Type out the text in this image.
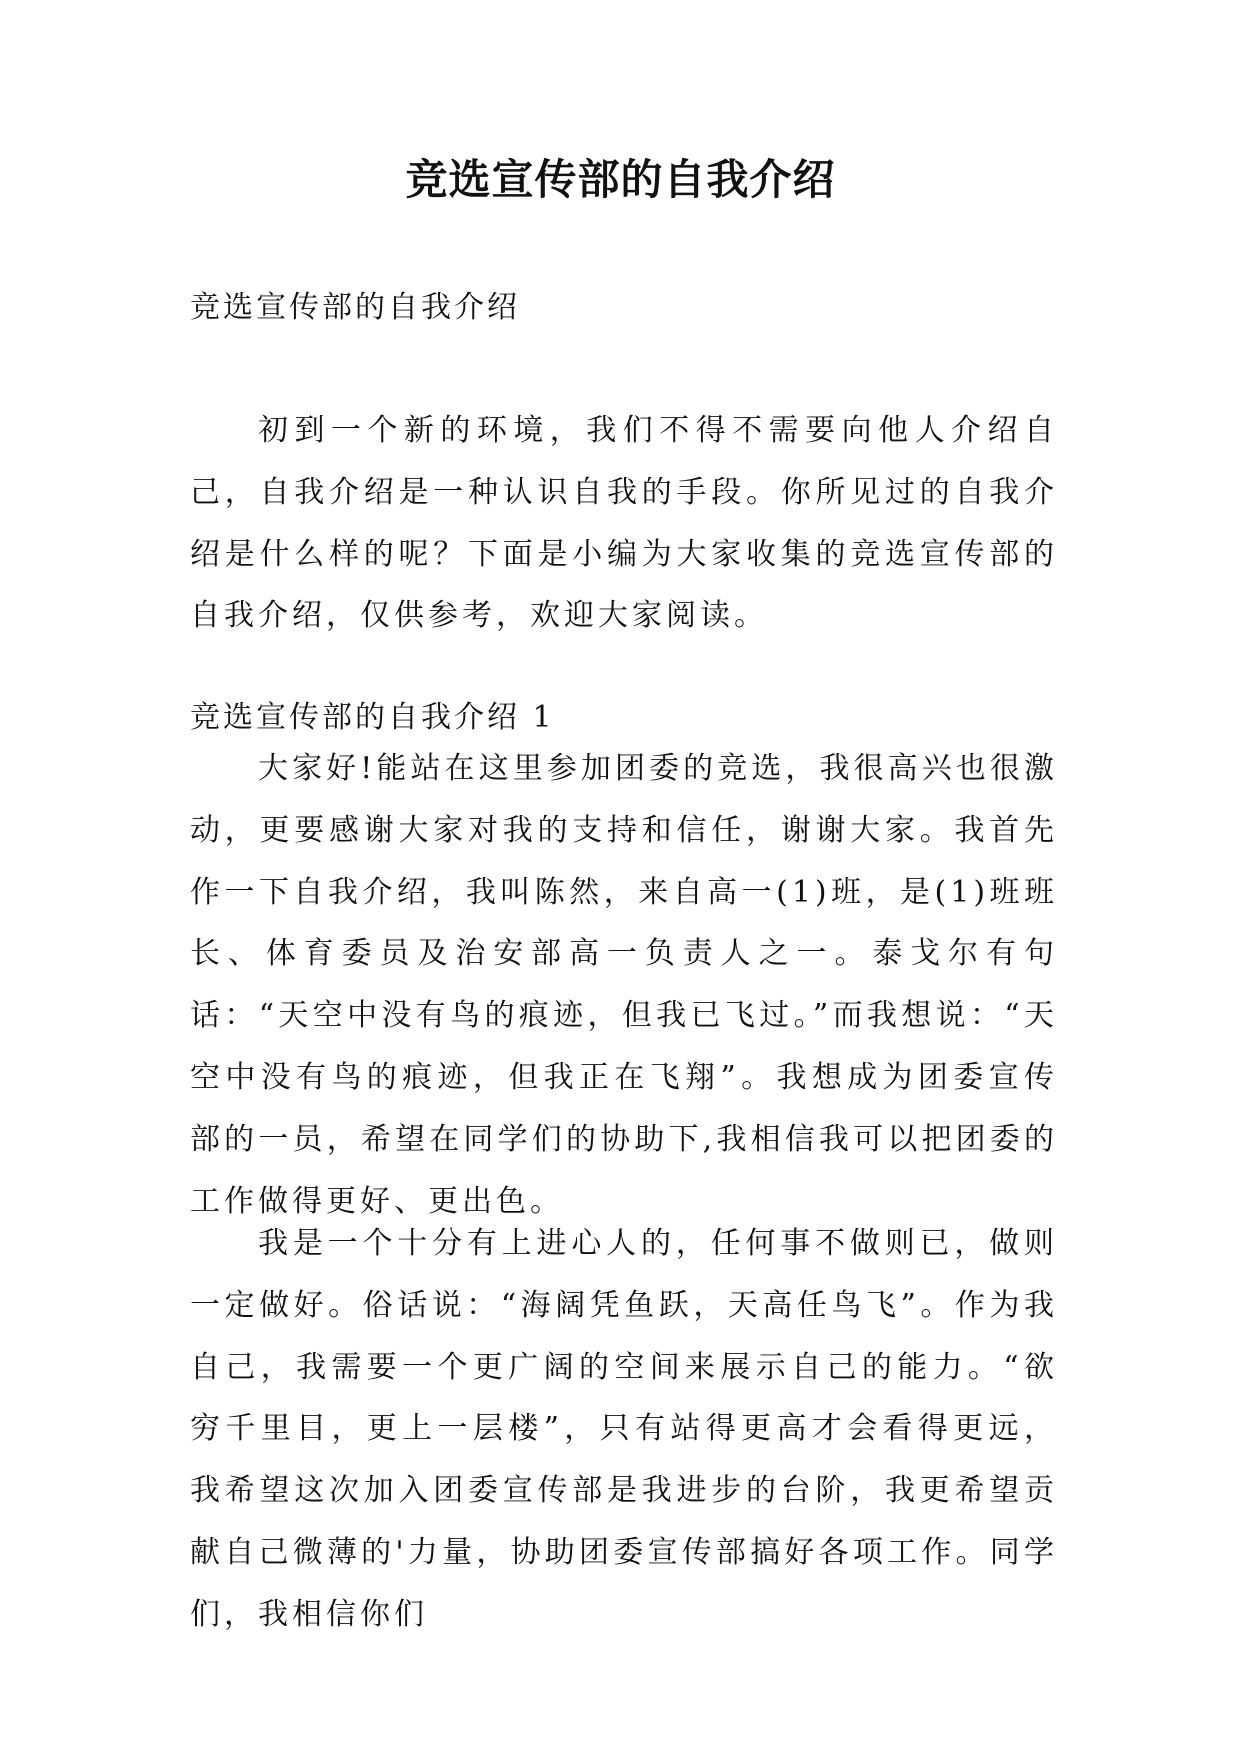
竞选宣传部的自我介绍
竞选宣传部的自我介绍

初到一个新的环境，我们不得不需要向他人介绍自己，自我介绍是一种认识自我的手段。你所见过的自我介绍是什么样的呢？下面是小编为大家收集的竞选宣传部的自我介绍，仅供参考，欢迎大家阅读。

竞选宣传部的自我介绍 1

大家好!能站在这里参加团委的竞选，我很高兴也很激动，更要感谢大家对我的支持和信任，谢谢大家。我首先作一下自我介绍，我叫陈然，来自高一(1)班，是(1)班班长、体育委员及治安部高一负责人之一。泰戈尔有句话：“天空中没有鸟的痕迹，但我已飞过。”而我想说：“天空中没有鸟的痕迹，但我正在飞翔”。我想成为团委宣传部的一员，希望在同学们的协助下,我相信我可以把团委的工作做得更好、更出色。

我是一个十分有上进心人的，任何事不做则已，做则一定做好。俗话说：“海阔凭鱼跃，天高任鸟飞”。作为我自己，我需要一个更广阔的空间来展示自己的能力。“欲穷千里目，更上一层楼”，只有站得更高才会看得更远，我希望这次加入团委宣传部是我进步的台阶，我更希望贡献自己微薄的'力量，协助团委宣传部搞好各项工作。同学们，我相信你们
